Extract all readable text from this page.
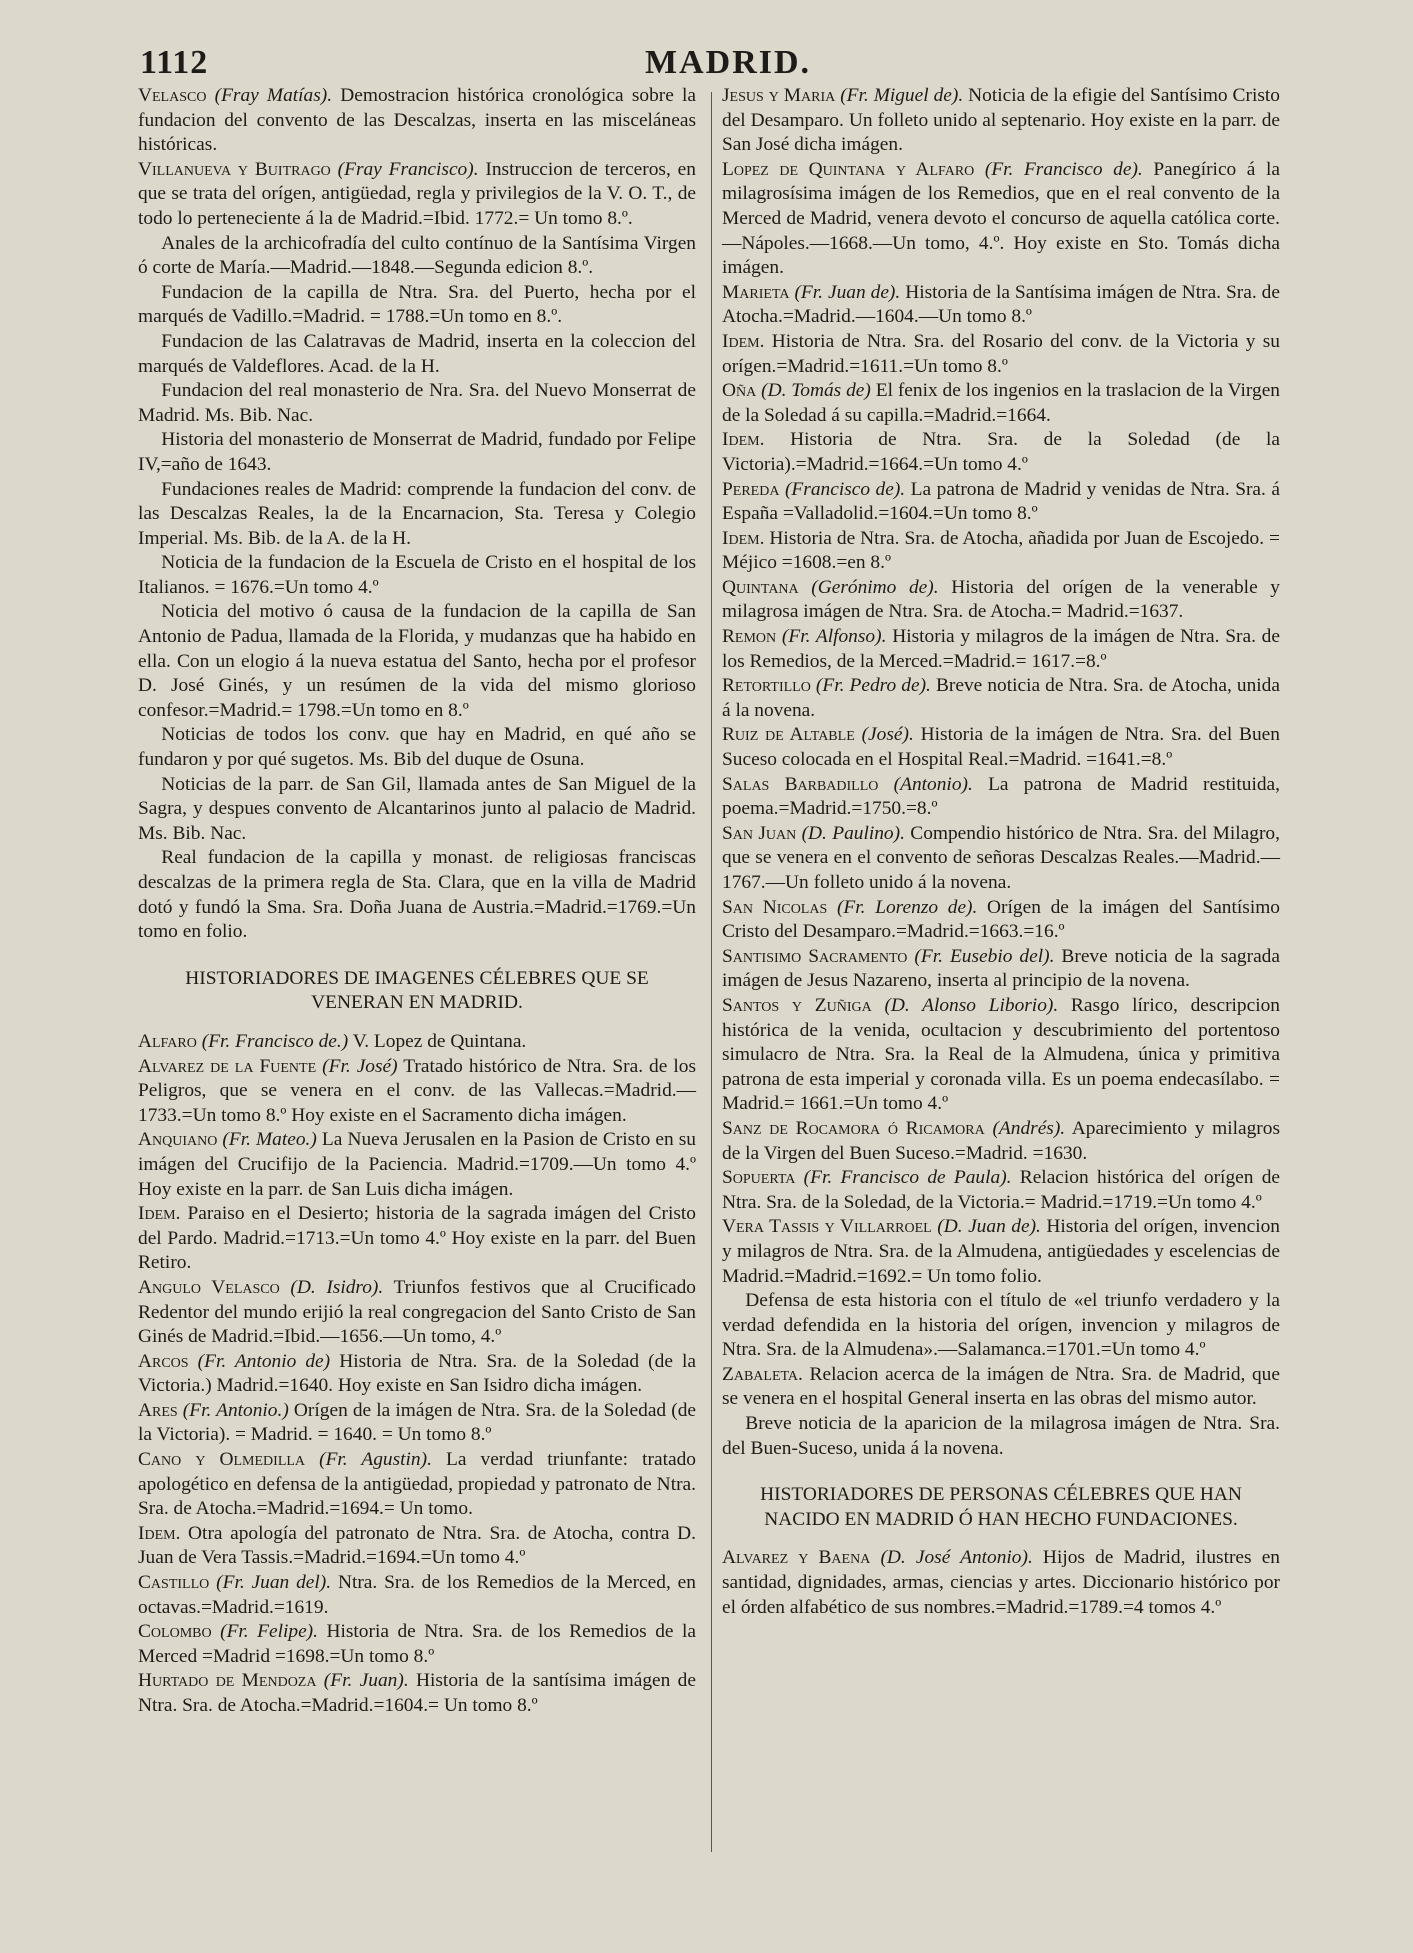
1112	MADRID.

Velasco (Fray Matías). Demostracion histórica cronológica sobre la fundacion del convento de las Descalzas, inserta en las misceláneas históricas.

Villanueva y Buitrago (Fray Francisco). Instruccion de terceros, en que se trata del orígen, antigüedad, regla y privilegios de la V. O. T., de todo lo perteneciente á la de Madrid.=Ibid. 1772.= Un tomo 8.º.

Anales de la archicofradía del culto contínuo de la Santísima Virgen ó corte de María.—Madrid.—1848.—Segunda edicion 8.º.

Fundacion de la capilla de Ntra. Sra. del Puerto, hecha por el marqués de Vadillo.=Madrid. = 1788.=Un tomo en 8.º.

Fundacion de las Calatravas de Madrid, inserta en la coleccion del marqués de Valdeflores. Acad. de la H.

Fundacion del real monasterio de Nra. Sra. del Nuevo Monserrat de Madrid. Ms. Bib. Nac.

Historia del monasterio de Monserrat de Madrid, fundado por Felipe IV,=año de 1643.

Fundaciones reales de Madrid: comprende la fundacion del conv. de las Descalzas Reales, la de la Encarnacion, Sta. Teresa y Colegio Imperial. Ms. Bib. de la A. de la H.

Noticia de la fundacion de la Escuela de Cristo en el hospital de los Italianos. = 1676.=Un tomo 4.º

Noticia del motivo ó causa de la fundacion de la capilla de San Antonio de Padua, llamada de la Florida, y mudanzas que ha habido en ella. Con un elogio á la nueva estatua del Santo, hecha por el profesor D. José Ginés, y un resúmen de la vida del mismo glorioso confesor.=Madrid.= 1798.=Un tomo en 8.º

Noticias de todos los conv. que hay en Madrid, en qué año se fundaron y por qué sugetos. Ms. Bib del duque de Osuna.

Noticias de la parr. de San Gil, llamada antes de San Miguel de la Sagra, y despues convento de Alcantarinos junto al palacio de Madrid. Ms. Bib. Nac.

Real fundacion de la capilla y monast. de religiosas franciscas descalzas de la primera regla de Sta. Clara, que en la villa de Madrid dotó y fundó la Sma. Sra. Doña Juana de Austria.=Madrid.=1769.=Un tomo en folio.

HISTORIADORES DE IMAGENES CÉLEBRES QUE SE VENERAN EN MADRID.

Alfaro (Fr. Francisco de.) V. Lopez de Quintana.

Alvarez de la Fuente (Fr. José) Tratado histórico de Ntra. Sra. de los Peligros, que se venera en el conv. de las Vallecas.=Madrid.—1733.=Un tomo 8.º Hoy existe en el Sacramento dicha imágen.

Anquiano (Fr. Mateo.) La Nueva Jerusalen en la Pasion de Cristo en su imágen del Crucifijo de la Paciencia. Madrid.=1709.—Un tomo 4.º Hoy existe en la parr. de San Luis dicha imágen.

Idem. Paraiso en el Desierto; historia de la sagrada imágen del Cristo del Pardo. Madrid.=1713.=Un tomo 4.º Hoy existe en la parr. del Buen Retiro.

Angulo Velasco (D. Isidro). Triunfos festivos que al Crucificado Redentor del mundo erijió la real congregacion del Santo Cristo de San Ginés de Madrid.=Ibid.—1656.—Un tomo, 4.º

Arcos (Fr. Antonio de) Historia de Ntra. Sra. de la Soledad (de la Victoria.) Madrid.=1640. Hoy existe en San Isidro dicha imágen.

Ares (Fr. Antonio.) Orígen de la imágen de Ntra. Sra. de la Soledad (de la Victoria). = Madrid. = 1640. = Un tomo 8.º

Cano y Olmedilla (Fr. Agustin). La verdad triunfante: tratado apologético en defensa de la antigüedad, propiedad y patronato de Ntra. Sra. de Atocha.=Madrid.=1694.= Un tomo.

Idem. Otra apología del patronato de Ntra. Sra. de Atocha, contra D. Juan de Vera Tassis.=Madrid.=1694.=Un tomo 4.º

Castillo (Fr. Juan del). Ntra. Sra. de los Remedios de la Merced, en octavas.=Madrid.=1619.

Colombo (Fr. Felipe). Historia de Ntra. Sra. de los Remedios de la Merced =Madrid =1698.=Un tomo 8.º

Hurtado de Mendoza (Fr. Juan). Historia de la santísima imágen de Ntra. Sra. de Atocha.=Madrid.=1604.= Un tomo 8.º

Jesus y Maria (Fr. Miguel de). Noticia de la efigie del Santísimo Cristo del Desamparo. Un folleto unido al septenario. Hoy existe en la parr. de San José dicha imágen.

Lopez de Quintana y Alfaro (Fr. Francisco de). Panegírico á la milagrosísima imágen de los Remedios, que en el real convento de la Merced de Madrid, venera devoto el concurso de aquella católica corte.—Nápoles.—1668.—Un tomo, 4.º. Hoy existe en Sto. Tomás dicha imágen.

Marieta (Fr. Juan de). Historia de la Santísima imágen de Ntra. Sra. de Atocha.=Madrid.—1604.—Un tomo 8.º

Idem. Historia de Ntra. Sra. del Rosario del conv. de la Victoria y su orígen.=Madrid.=1611.=Un tomo 8.º

Oña (D. Tomás de) El fenix de los ingenios en la traslacion de la Virgen de la Soledad á su capilla.=Madrid.=1664.

Idem. Historia de Ntra. Sra. de la Soledad (de la Victoria).=Madrid.=1664.=Un tomo 4.º

Pereda (Francisco de). La patrona de Madrid y venidas de Ntra. Sra. á España =Valladolid.=1604.=Un tomo 8.º

Idem. Historia de Ntra. Sra. de Atocha, añadida por Juan de Escojedo. = Méjico =1608.=en 8.º

Quintana (Gerónimo de). Historia del orígen de la venerable y milagrosa imágen de Ntra. Sra. de Atocha.= Madrid.=1637.

Remon (Fr. Alfonso). Historia y milagros de la imágen de Ntra. Sra. de los Remedios, de la Merced.=Madrid.= 1617.=8.º

Retortillo (Fr. Pedro de). Breve noticia de Ntra. Sra. de Atocha, unida á la novena.

Ruiz de Altable (José). Historia de la imágen de Ntra. Sra. del Buen Suceso colocada en el Hospital Real.=Madrid. =1641.=8.º

Salas Barbadillo (Antonio). La patrona de Madrid restituida, poema.=Madrid.=1750.=8.º

San Juan (D. Paulino). Compendio histórico de Ntra. Sra. del Milagro, que se venera en el convento de señoras Descalzas Reales.—Madrid.—1767.—Un folleto unido á la novena.

San Nicolas (Fr. Lorenzo de). Orígen de la imágen del Santísimo Cristo del Desamparo.=Madrid.=1663.=16.º

Santisimo Sacramento (Fr. Eusebio del). Breve noticia de la sagrada imágen de Jesus Nazareno, inserta al principio de la novena.

Santos y Zuñiga (D. Alonso Liborio). Rasgo lírico, descripcion histórica de la venida, ocultacion y descubrimiento del portentoso simulacro de Ntra. Sra. la Real de la Almudena, única y primitiva patrona de esta imperial y coronada villa. Es un poema endecasílabo. = Madrid.= 1661.=Un tomo 4.º

Sanz de Rocamora ó Ricamora (Andrés). Aparecimiento y milagros de la Virgen del Buen Suceso.=Madrid. =1630.

Sopuerta (Fr. Francisco de Paula). Relacion histórica del orígen de Ntra. Sra. de la Soledad, de la Victoria.= Madrid.=1719.=Un tomo 4.º

Vera Tassis y Villarroel (D. Juan de). Historia del orígen, invencion y milagros de Ntra. Sra. de la Almudena, antigüedades y escelencias de Madrid.=Madrid.=1692.= Un tomo folio.

Defensa de esta historia con el título de «el triunfo verdadero y la verdad defendida en la historia del orígen, invencion y milagros de Ntra. Sra. de la Almudena».—Salamanca.=1701.=Un tomo 4.º

Zabaleta. Relacion acerca de la imágen de Ntra. Sra. de Madrid, que se venera en el hospital General inserta en las obras del mismo autor.

Breve noticia de la aparicion de la milagrosa imágen de Ntra. Sra. del Buen-Suceso, unida á la novena.

HISTORIADORES DE PERSONAS CÉLEBRES QUE HAN NACIDO EN MADRID Ó HAN HECHO FUNDACIONES.

Alvarez y Baena (D. José Antonio). Hijos de Madrid, ilustres en santidad, dignidades, armas, ciencias y artes. Diccionario histórico por el órden alfabético de sus nombres.=Madrid.=1789.=4 tomos 4.º
